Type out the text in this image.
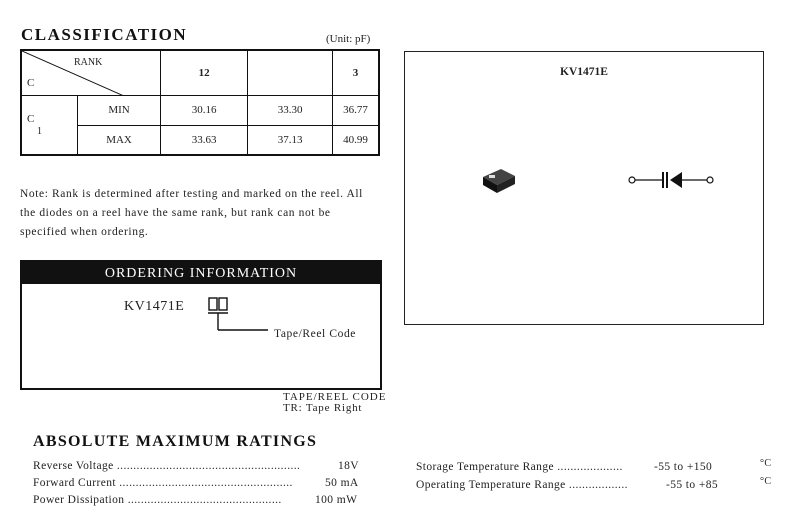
CLASSIFICATION	(Unit: pF)
RANK
C		12		3
C
1	MIN	30.16	33.30	36.77
	MAX	33.63	37.13	40.99
Note: Rank is determined after testing and marked on the reel. All the diodes on a reel have the same rank, but rank can not be specified when ordering.
ORDERING INFORMATION
KV1471E
Tape/Reel Code
TAPE/REEL CODE
TR: Tape Right
KV1471E
ABSOLUTE MAXIMUM RATINGS
Reverse Voltage ........................................................	18V
Forward Current .....................................................	50 mA
Power Dissipation ...............................................	100 mW
Storage Temperature Range ....................	-55 to +150	°C
Operating Temperature Range ..................	-55 to +85	°C
